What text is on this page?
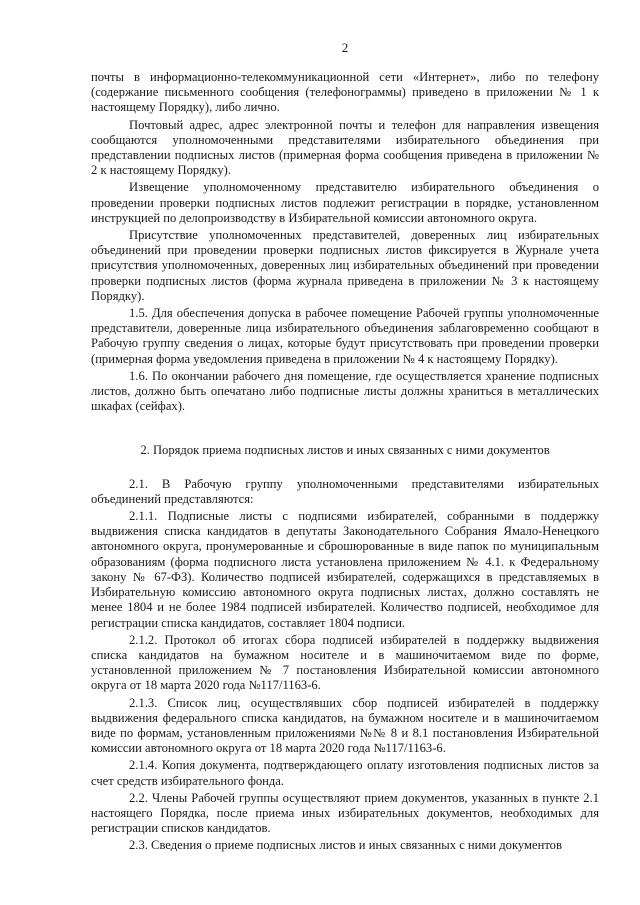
2

почты в информационно-телекоммуникационной сети «Интернет», либо по телефону (содержание письменного сообщения (телефонограммы) приведено в приложении № 1 к настоящему Порядку), либо лично.

Почтовый адрес, адрес электронной почты и телефон для направления извещения сообщаются уполномоченными представителями избирательного объединения при представлении подписных листов (примерная форма сообщения приведена в приложении № 2 к настоящему Порядку).

Извещение уполномоченному представителю избирательного объединения о проведении проверки подписных листов подлежит регистрации в порядке, установленном инструкцией по делопроизводству в Избирательной комиссии автономного округа.

Присутствие уполномоченных представителей, доверенных лиц избирательных объединений при проведении проверки подписных листов фиксируется в Журнале учета присутствия уполномоченных, доверенных лиц избирательных объединений при проведении проверки подписных листов (форма журнала приведена в приложении № 3 к настоящему Порядку).

1.5. Для обеспечения допуска в рабочее помещение Рабочей группы уполномоченные представители, доверенные лица избирательного объединения заблаговременно сообщают в Рабочую группу сведения о лицах, которые будут присутствовать при проведении проверки (примерная форма уведомления приведена в приложении № 4 к настоящему Порядку).

1.6. По окончании рабочего дня помещение, где осуществляется хранение подписных листов, должно быть опечатано либо подписные листы должны храниться в металлических шкафах (сейфах).

2. Порядок приема подписных листов и иных связанных с ними документов

2.1. В Рабочую группу уполномоченными представителями избирательных объединений представляются:

2.1.1. Подписные листы с подписями избирателей, собранными в поддержку выдвижения списка кандидатов в депутаты Законодательного Собрания Ямало-Ненецкого автономного округа, пронумерованные и сброшюрованные в виде папок по муниципальным образованиям (форма подписного листа установлена приложением № 4.1. к Федеральному закону № 67-ФЗ). Количество подписей избирателей, содержащихся в представляемых в Избирательную комиссию автономного округа подписных листах, должно составлять не менее 1804 и не более 1984 подписей избирателей. Количество подписей, необходимое для регистрации списка кандидатов, составляет 1804 подписи.

2.1.2. Протокол об итогах сбора подписей избирателей в поддержку выдвижения списка кандидатов на бумажном носителе и в машиночитаемом виде по форме, установленной приложением № 7 постановления Избирательной комиссии автономного округа от 18 марта 2020 года №117/1163-6.

2.1.3. Список лиц, осуществлявших сбор подписей избирателей в поддержку выдвижения федерального списка кандидатов, на бумажном носителе и в машиночитаемом виде по формам, установленным приложениями №№ 8 и 8.1 постановления Избирательной комиссии автономного округа от 18 марта 2020 года №117/1163-6.

2.1.4. Копия документа, подтверждающего оплату изготовления подписных листов за счет средств избирательного фонда.

2.2. Члены Рабочей группы осуществляют прием документов, указанных в пункте 2.1 настоящего Порядка, после приема иных избирательных документов, необходимых для регистрации списков кандидатов.

2.3. Сведения о приеме подписных листов и иных связанных с ними документов
